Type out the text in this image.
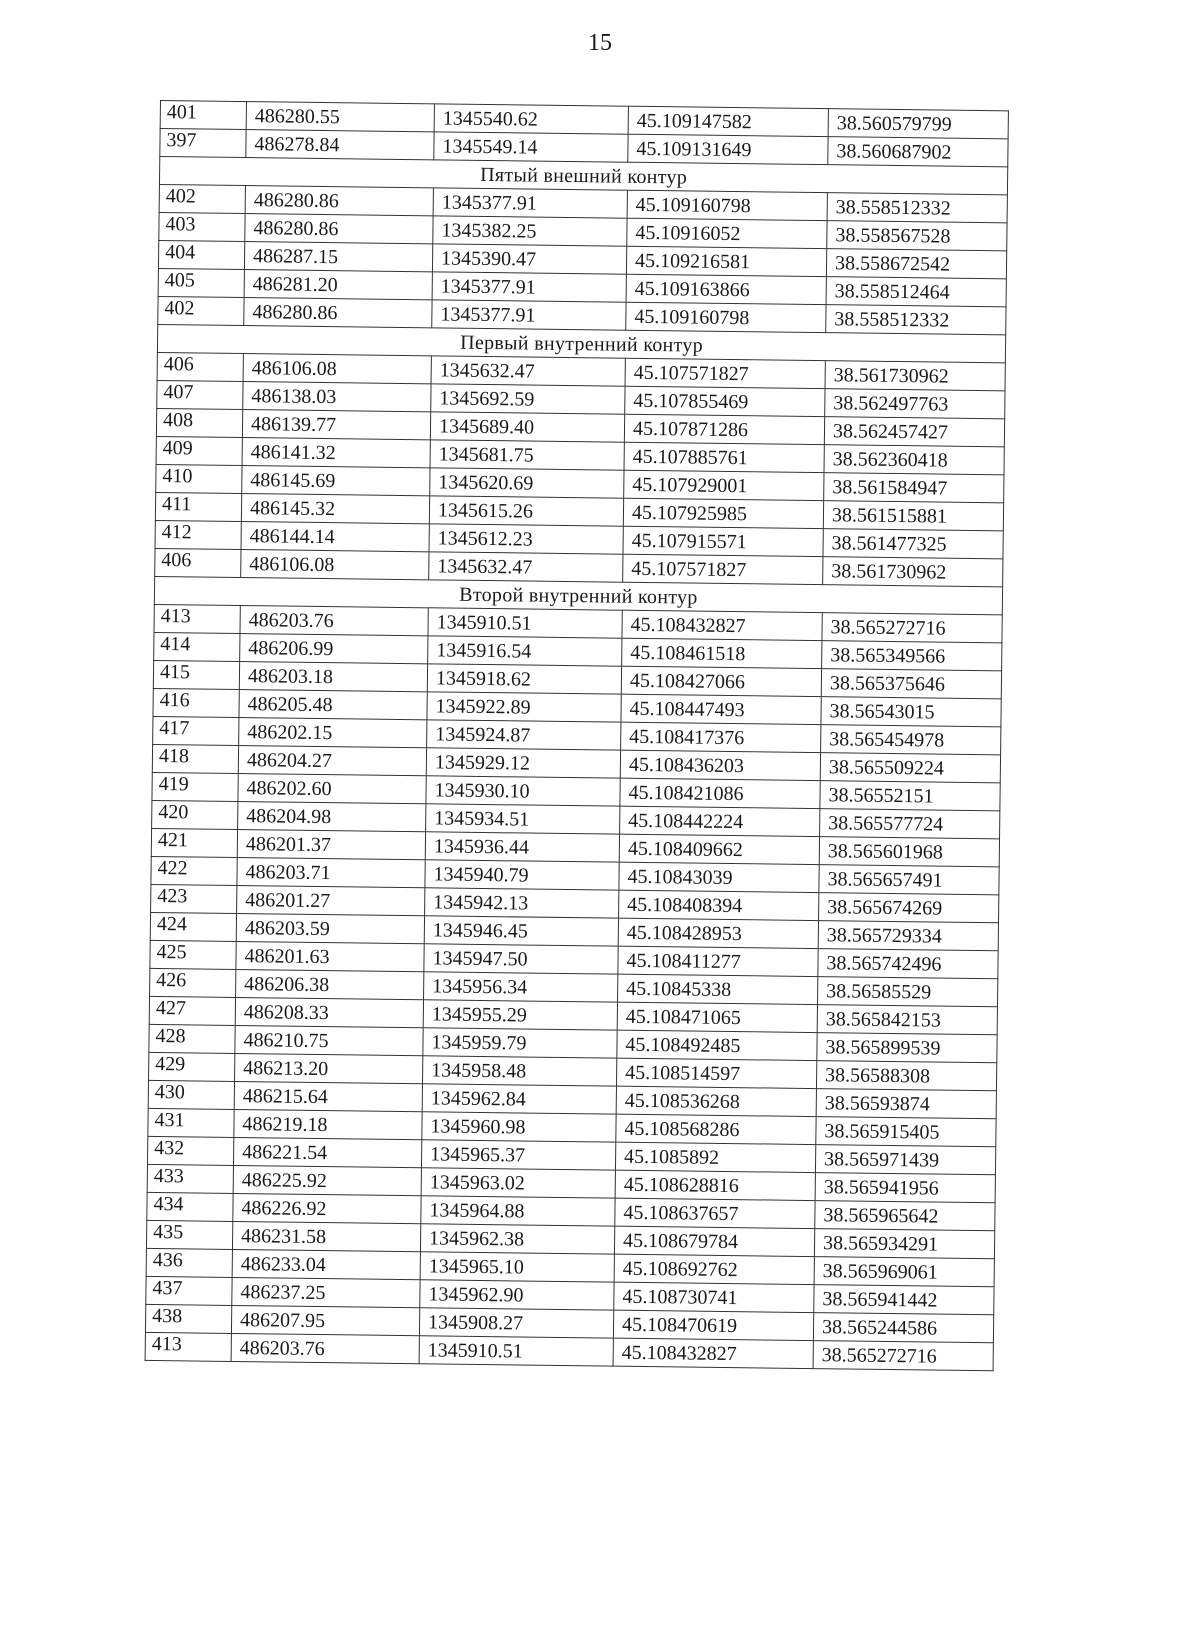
15
401	486280.55	1345540.62	45.109147582	38.560579799
397	486278.84	1345549.14	45.109131649	38.560687902
Пятый внешний контур				
402	486280.86	1345377.91	45.109160798	38.558512332
403	486280.86	1345382.25	45.10916052	38.558567528
404	486287.15	1345390.47	45.109216581	38.558672542
405	486281.20	1345377.91	45.109163866	38.558512464
402	486280.86	1345377.91	45.109160798	38.558512332
Первый внутренний контур				
406	486106.08	1345632.47	45.107571827	38.561730962
407	486138.03	1345692.59	45.107855469	38.562497763
408	486139.77	1345689.40	45.107871286	38.562457427
409	486141.32	1345681.75	45.107885761	38.562360418
410	486145.69	1345620.69	45.107929001	38.561584947
411	486145.32	1345615.26	45.107925985	38.561515881
412	486144.14	1345612.23	45.107915571	38.561477325
406	486106.08	1345632.47	45.107571827	38.561730962
Второй внутренний контур				
413	486203.76	1345910.51	45.108432827	38.565272716
414	486206.99	1345916.54	45.108461518	38.565349566
415	486203.18	1345918.62	45.108427066	38.565375646
416	486205.48	1345922.89	45.108447493	38.56543015
417	486202.15	1345924.87	45.108417376	38.565454978
418	486204.27	1345929.12	45.108436203	38.565509224
419	486202.60	1345930.10	45.108421086	38.56552151
420	486204.98	1345934.51	45.108442224	38.565577724
421	486201.37	1345936.44	45.108409662	38.565601968
422	486203.71	1345940.79	45.10843039	38.565657491
423	486201.27	1345942.13	45.108408394	38.565674269
424	486203.59	1345946.45	45.108428953	38.565729334
425	486201.63	1345947.50	45.108411277	38.565742496
426	486206.38	1345956.34	45.10845338	38.56585529
427	486208.33	1345955.29	45.108471065	38.565842153
428	486210.75	1345959.79	45.108492485	38.565899539
429	486213.20	1345958.48	45.108514597	38.56588308
430	486215.64	1345962.84	45.108536268	38.56593874
431	486219.18	1345960.98	45.108568286	38.565915405
432	486221.54	1345965.37	45.1085892	38.565971439
433	486225.92	1345963.02	45.108628816	38.565941956
434	486226.92	1345964.88	45.108637657	38.565965642
435	486231.58	1345962.38	45.108679784	38.565934291
436	486233.04	1345965.10	45.108692762	38.565969061
437	486237.25	1345962.90	45.108730741	38.565941442
438	486207.95	1345908.27	45.108470619	38.565244586
413	486203.76	1345910.51	45.108432827	38.565272716
